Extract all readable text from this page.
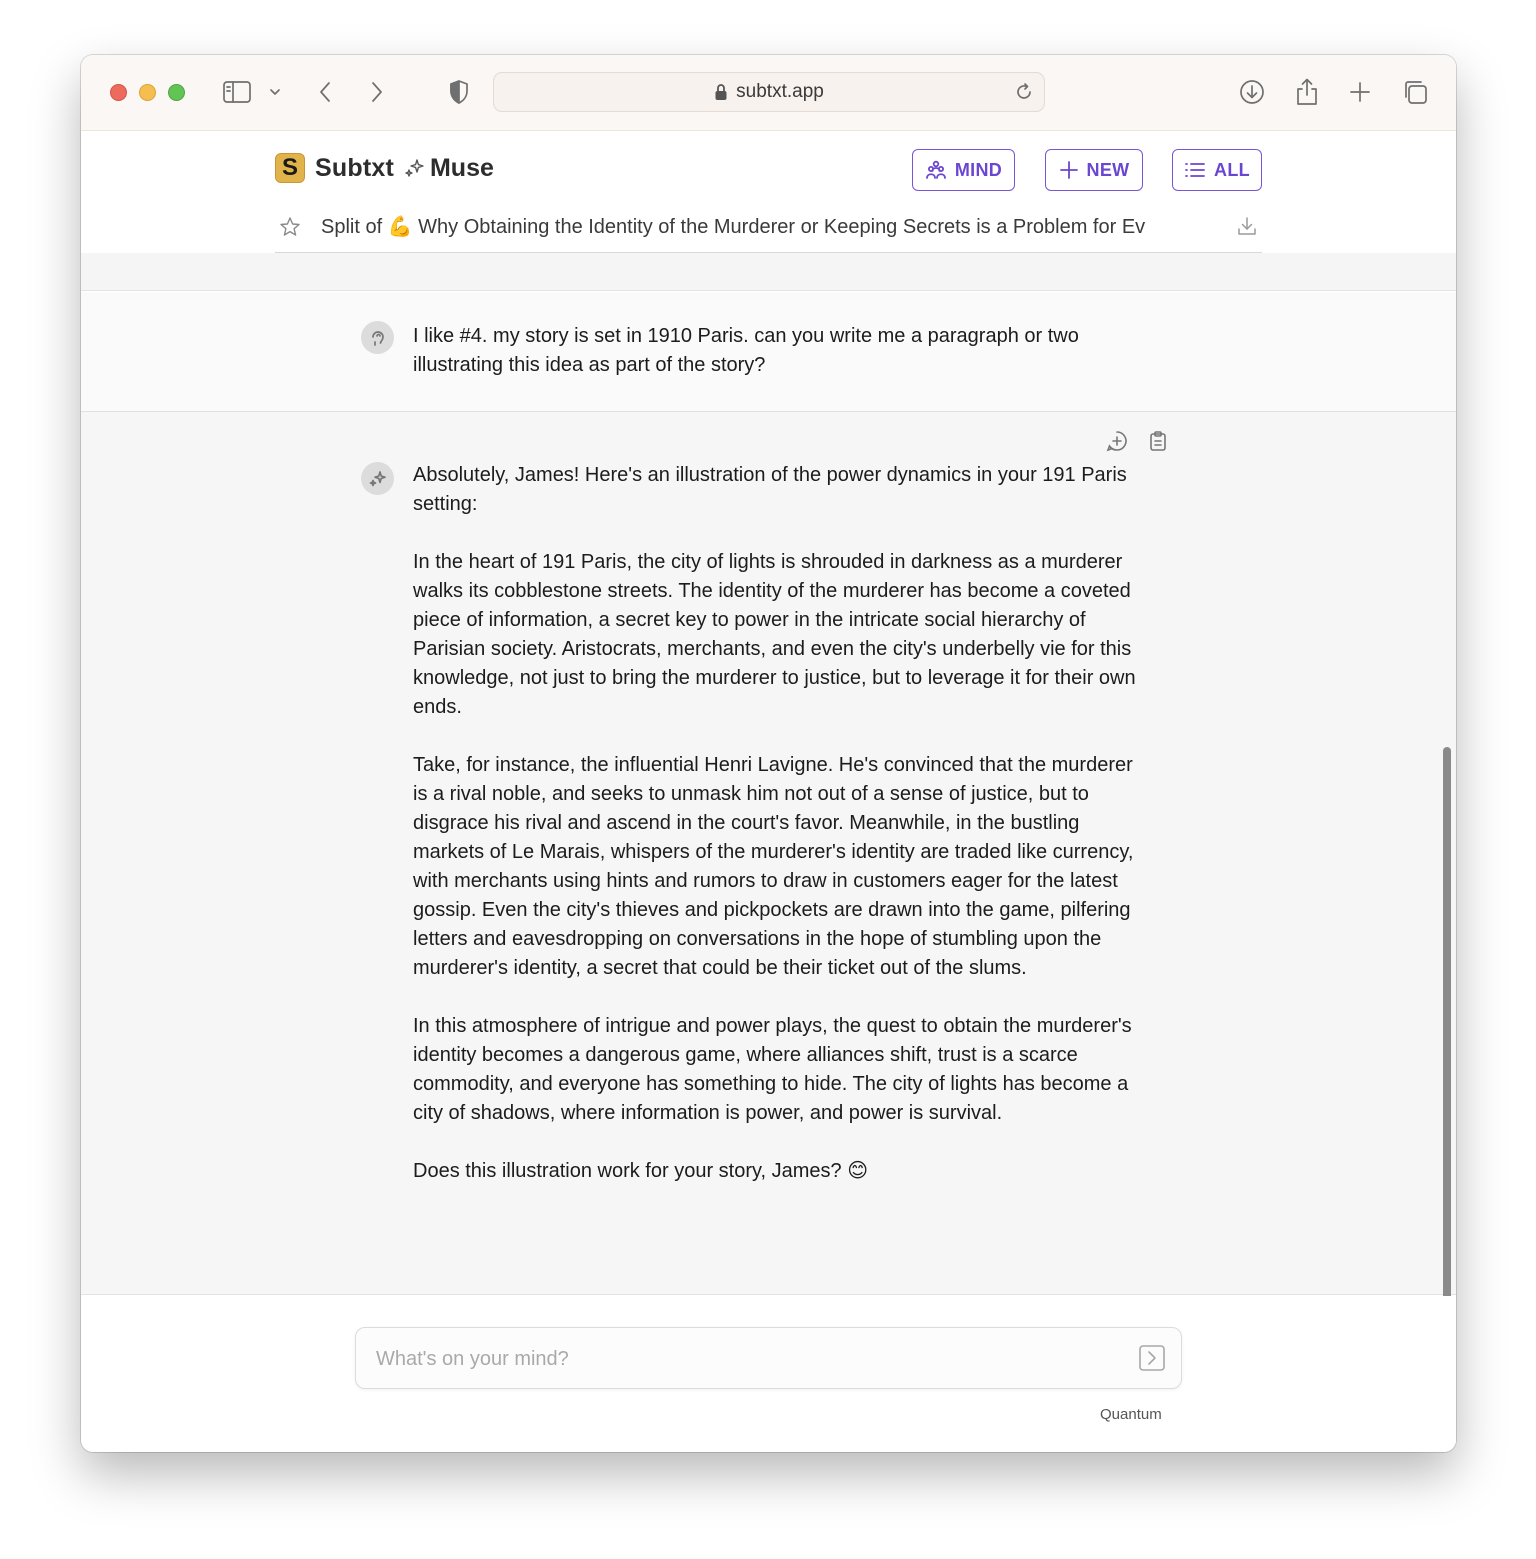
subtxt.app
S Subtxt Muse	MIND	NEW	ALL
Split of 💪 Why Obtaining the Identity of the Murderer or Keeping Secrets is a Problem for Ev
I like #4. my story is set in 1910 Paris. can you write me a paragraph or two illustrating this idea as part of the story?

Absolutely, James! Here's an illustration of the power dynamics in your 191 Paris setting:

In the heart of 191 Paris, the city of lights is shrouded in darkness as a murderer walks its cobblestone streets. The identity of the murderer has become a coveted piece of information, a secret key to power in the intricate social hierarchy of Parisian society. Aristocrats, merchants, and even the city's underbelly vie for this knowledge, not just to bring the murderer to justice, but to leverage it for their own ends.

Take, for instance, the influential Henri Lavigne. He's convinced that the murderer is a rival noble, and seeks to unmask him not out of a sense of justice, but to disgrace his rival and ascend in the court's favor. Meanwhile, in the bustling markets of Le Marais, whispers of the murderer's identity are traded like currency, with merchants using hints and rumors to draw in customers eager for the latest gossip. Even the city's thieves and pickpockets are drawn into the game, pilfering letters and eavesdropping on conversations in the hope of stumbling upon the murderer's identity, a secret that could be their ticket out of the slums.

In this atmosphere of intrigue and power plays, the quest to obtain the murderer's identity becomes a dangerous game, where alliances shift, trust is a scarce commodity, and everyone has something to hide. The city of lights has become a city of shadows, where information is power, and power is survival.

Does this illustration work for your story, James? 😊

What's on your mind?
Quantum
